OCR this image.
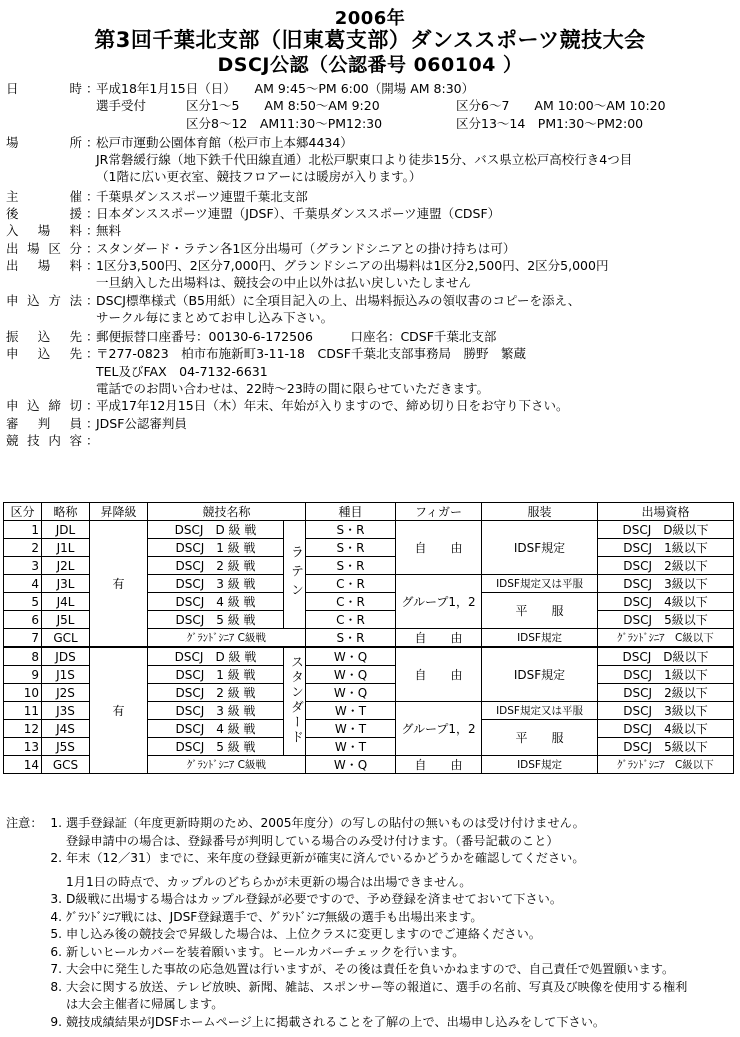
2006年
第3回千葉北支部（旧東葛支部）ダンススポーツ競技大会
DSCJ公認（公認番号 060104 ）
日　時 ：
平成18年1月15日（日）　　AM 9:45〜PM 6:00（開場 AM 8:30）
選手受付	区分1〜5　　AM 8:50〜AM 9:20	区分6〜7　　AM 10:00〜AM 10:20
区分8〜12　AM11:30〜PM12:30	区分13〜14　PM1:30〜PM2:00
場　所 ：
松戸市運動公園体育館（松戸市上本郷4434）
JR常磐緩行線（地下鉄千代田線直通）北松戸駅東口より徒歩15分、バス県立松戸高校行き4つ目
（1階に広い更衣室、競技フロアーには暖房が入ります。）
主　催 ：
千葉県ダンススポーツ連盟千葉北支部
後　援 ：
日本ダンススポーツ連盟（JDSF）、千葉県ダンススポーツ連盟（CDSF）
入場料 ：
無料
出場区分 ：
スタンダード・ラテン各1区分出場可（グランドシニアとの掛け持ちは可）
出場料 ：
1区分3,500円、2区分7,000円、グランドシニアの出場料は1区分2,500円、2区分5,000円
一旦納入した出場料は、競技会の中止以外は払い戻しいたしません
申込方法 ：
DSCJ標準様式（B5用紙）に全項目記入の上、出場料振込みの領収書のコピーを添え、
サークル毎にまとめてお申し込み下さい。
振込先 ：
郵便振替口座番号：00130-6-172506　　　口座名：CDSF千葉北支部
申込先 ：
〒277-0823　柏市布施新町3-11-18　CDSF千葉北支部事務局　勝野　繁蔵
TEL及びFAX　04-7132-6631
電話でのお問い合わせは、22時〜23時の間に限らせていただきます。
申込締切 ：
平成17年12月15日（木）年末、年始が入りますので、締め切り日をお守り下さい。
審判員 ：
JDSF公認審判員
競技内容 ：
区分	略称	昇降級	競技名称		種目	フィガー	服装	出場資格
1	JDL	有	DSCJ　D 級 戦	ラテン	S・R	自　　由	IDSF規定	DSCJ　D級以下
2	J1L		DSCJ　1 級 戦		S・R			DSCJ　1級以下
3	J2L		DSCJ　2 級 戦		S・R			DSCJ　2級以下
4	J3L		DSCJ　3 級 戦		C・R	グループ1，2	IDSF規定又は平服	DSCJ　3級以下
5	J4L		DSCJ　4 級 戦		C・R		平　　服	DSCJ　4級以下
6	J5L		DSCJ　5 級 戦		C・R			DSCJ　5級以下
7	GCL		ｸﾞﾗﾝﾄﾞｼﾆｱ C級戦		S・R	自　　由	IDSF規定	ｸﾞﾗﾝﾄﾞｼﾆｱ　C級以下
8	JDS	有	DSCJ　D 級 戦	スタンダード	W・Q	自　　由	IDSF規定	DSCJ　D級以下
9	J1S		DSCJ　1 級 戦		W・Q			DSCJ　1級以下
10	J2S		DSCJ　2 級 戦		W・Q			DSCJ　2級以下
11	J3S		DSCJ　3 級 戦		W・T	グループ1，2	IDSF規定又は平服	DSCJ　3級以下
12	J4S		DSCJ　4 級 戦		W・T		平　　服	DSCJ　4級以下
13	J5S		DSCJ　5 級 戦		W・T			DSCJ　5級以下
14	GCS		ｸﾞﾗﾝﾄﾞｼﾆｱ C級戦		W・Q	自　　由	IDSF規定	ｸﾞﾗﾝﾄﾞｼﾆｱ　C級以下
注意： 1. 選手登録証（年度更新時期のため、2005年度分）の写しの貼付の無いものは受け付けません。
登録申請中の場合は、登録番号が判明している場合のみ受け付けます。（番号記載のこと）
2. 年末（12／31）までに、来年度の登録更新が確実に済んでいるかどうかを確認してください。
1月1日の時点で、カップルのどちらかが未更新の場合は出場できません。
3. D級戦に出場する場合はカップル登録が必要ですので、予め登録を済ませておいて下さい。
4. ｸﾞﾗﾝﾄﾞｼﾆｱ戦には、JDSF登録選手で、ｸﾞﾗﾝﾄﾞｼﾆｱ無級の選手も出場出来ます。
5. 申し込み後の競技会で昇級した場合は、上位クラスに変更しますのでご連絡ください。
6. 新しいヒールカバーを装着願います。ヒールカバーチェックを行います。
7. 大会中に発生した事故の応急処置は行いますが、その後は責任を負いかねますので、自己責任で処置願います。
8. 大会に関する放送、テレビ放映、新聞、雑誌、スポンサー等の報道に、選手の名前、写真及び映像を使用する権利
は大会主催者に帰属します。
9. 競技成績結果がJDSFホームページ上に掲載されることを了解の上で、出場申し込みをして下さい。
